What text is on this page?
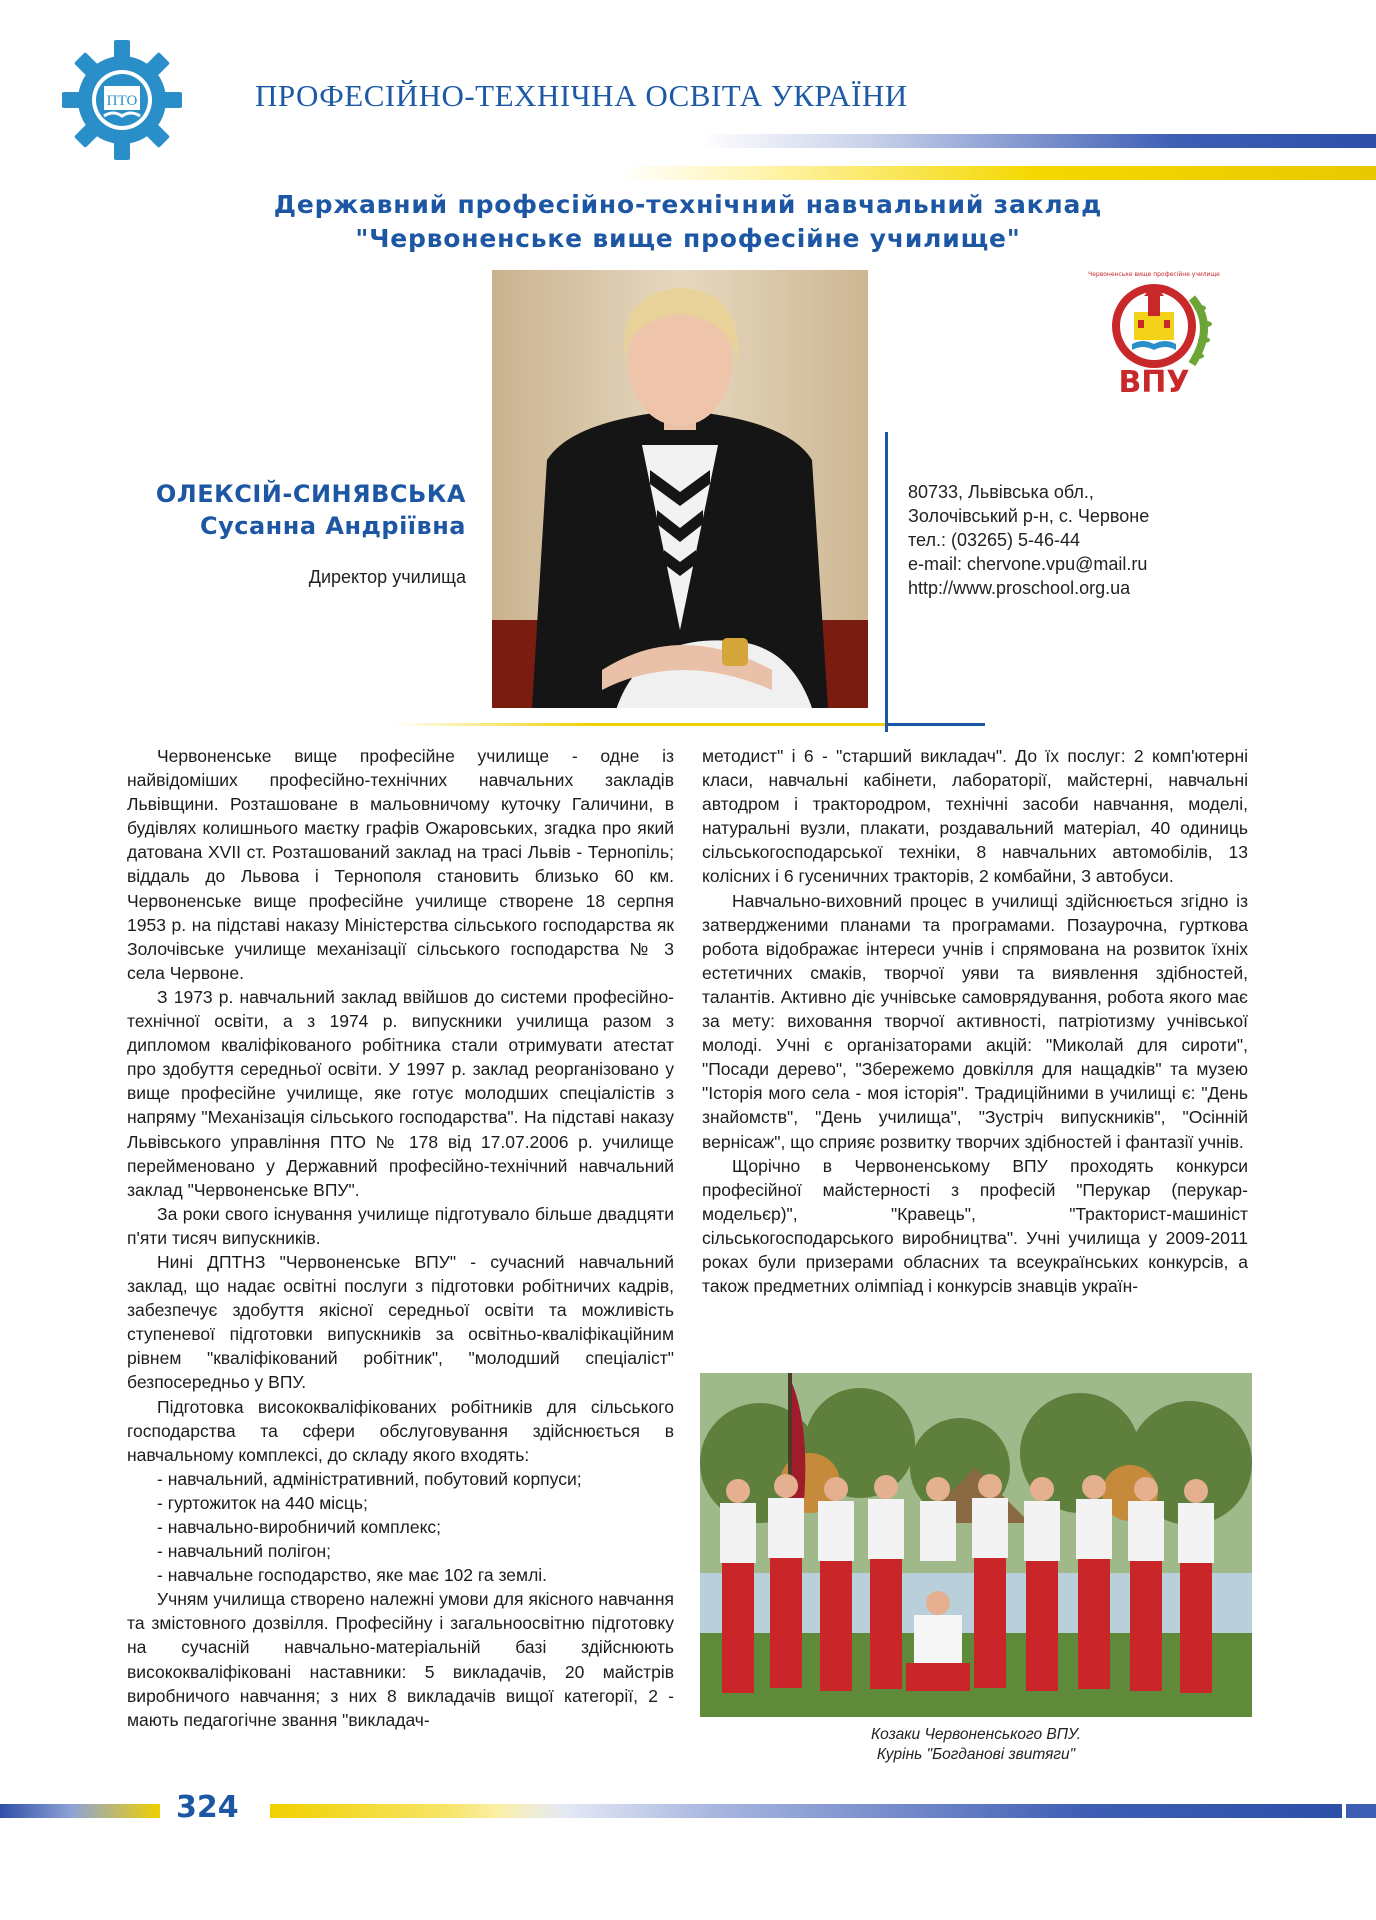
ПТО	ПРОФЕСІЙНО-ТЕХНІЧНА ОСВІТА УКРАЇНИ
Державний професійно-технічний навчальний заклад
"Червоненське вище професійне училище"
ВПУ
Червоненське вище професійне училище
ОЛЕКСІЙ-СИНЯВСЬКА
Сусанна Андріївна
Директор училища
80733, Львівська обл.,
Золочівський р-н, с. Червоне
тел.: (03265) 5-46-44
e-mail: chervone.vpu@mail.ru
http://www.proschool.org.ua

Червоненське вище професійне училище - одне із найвідоміших професійно-технічних навчальних закладів Львівщини. Розташоване в мальовничому куточку Галичини, в будівлях колишнього маєтку графів Ожаровських, згадка про який датована XVII ст. Розташований заклад на трасі Львів - Тернопіль; віддаль до Львова і Тернополя становить близько 60 км. Червоненське вище професійне училище створене 18 серпня 1953 р. на підставі наказу Міністерства сільського господарства як Золочівське училище механізації сільського господарства № 3 села Червоне.

З 1973 р. навчальний заклад ввійшов до системи професійно-технічної освіти, а з 1974 р. випускники училища разом з дипломом кваліфікованого робітника стали отримувати атестат про здобуття середньої освіти. У 1997 р. заклад реорганізовано у вище професійне училище, яке готує молодших спеціалістів з напряму "Механізація сільського господарства". На підставі наказу Львівського управління ПТО № 178 від 17.07.2006 р. училище перейменовано у Державний професійно-технічний навчальний заклад "Червоненське ВПУ".

За роки свого існування училище підготувало більше двадцяти п'яти тисяч випускників.

Нині ДПТНЗ "Червоненське ВПУ" - сучасний навчальний заклад, що надає освітні послуги з підготовки робітничих кадрів, забезпечує здобуття якісної середньої освіти та можливість ступеневої підготовки випускників за освітньо-кваліфікаційним рівнем "кваліфікований робітник", "молодший спеціаліст" безпосередньо у ВПУ.

Підготовка висококваліфікованих робітників для сільського господарства та сфери обслуговування здійснюється в навчальному комплексі, до складу якого входять:

- навчальний, адміністративний, побутовий корпуси;
- гуртожиток на 440 місць;
- навчально-виробничий комплекс;
- навчальний полігон;
- навчальне господарство, яке має 102 га землі.

Учням училища створено належні умови для якісного навчання та змістовного дозвілля. Професійну і загальноосвітню підготовку на сучасній навчально-матеріальній базі здійснюють висококваліфіковані наставники: 5 викладачів, 20 майстрів виробничого навчання; з них 8 викладачів вищої категорії, 2 - мають педагогічне звання "викладач-

методист" і 6 - "старший викладач". До їх послуг: 2 комп'ютерні класи, навчальні кабінети, лабораторії, майстерні, навчальні автодром і трактородром, технічні засоби навчання, моделі, натуральні вузли, плакати, роздавальний матеріал, 40 одиниць сільськогосподарської техніки, 8 навчальних автомобілів, 13 колісних і 6 гусеничних тракторів, 2 комбайни, 3 автобуси.

Навчально-виховний процес в училищі здійснюється згідно із затвердженими планами та програмами. Позаурочна, гурткова робота відображає інтереси учнів і спрямована на розвиток їхніх естетичних смаків, творчої уяви та виявлення здібностей, талантів. Активно діє учнівське самоврядування, робота якого має за мету: виховання творчої активності, патріотизму учнівської молоді. Учні є організаторами акцій: "Миколай для сироти", "Посади дерево", "Збережемо довкілля для нащадків" та музею "Історія мого села - моя історія". Традиційними в училищі є: "День знайомств", "День училища", "Зустріч випускників", "Осінній вернісаж", що сприяє розвитку творчих здібностей і фантазії учнів.

Щорічно в Червоненському ВПУ проходять конкурси професійної майстерності з професій "Перукар (перукар-модельєр)", "Кравець", "Тракторист-машиніст сільськогосподарського виробництва". Учні училища у 2009-2011 роках були призерами обласних та всеукраїнських конкурсів, а також предметних олімпіад і конкурсів знавців україн-

Козаки Червоненського ВПУ.
Курінь "Богданові звитяги"
324
